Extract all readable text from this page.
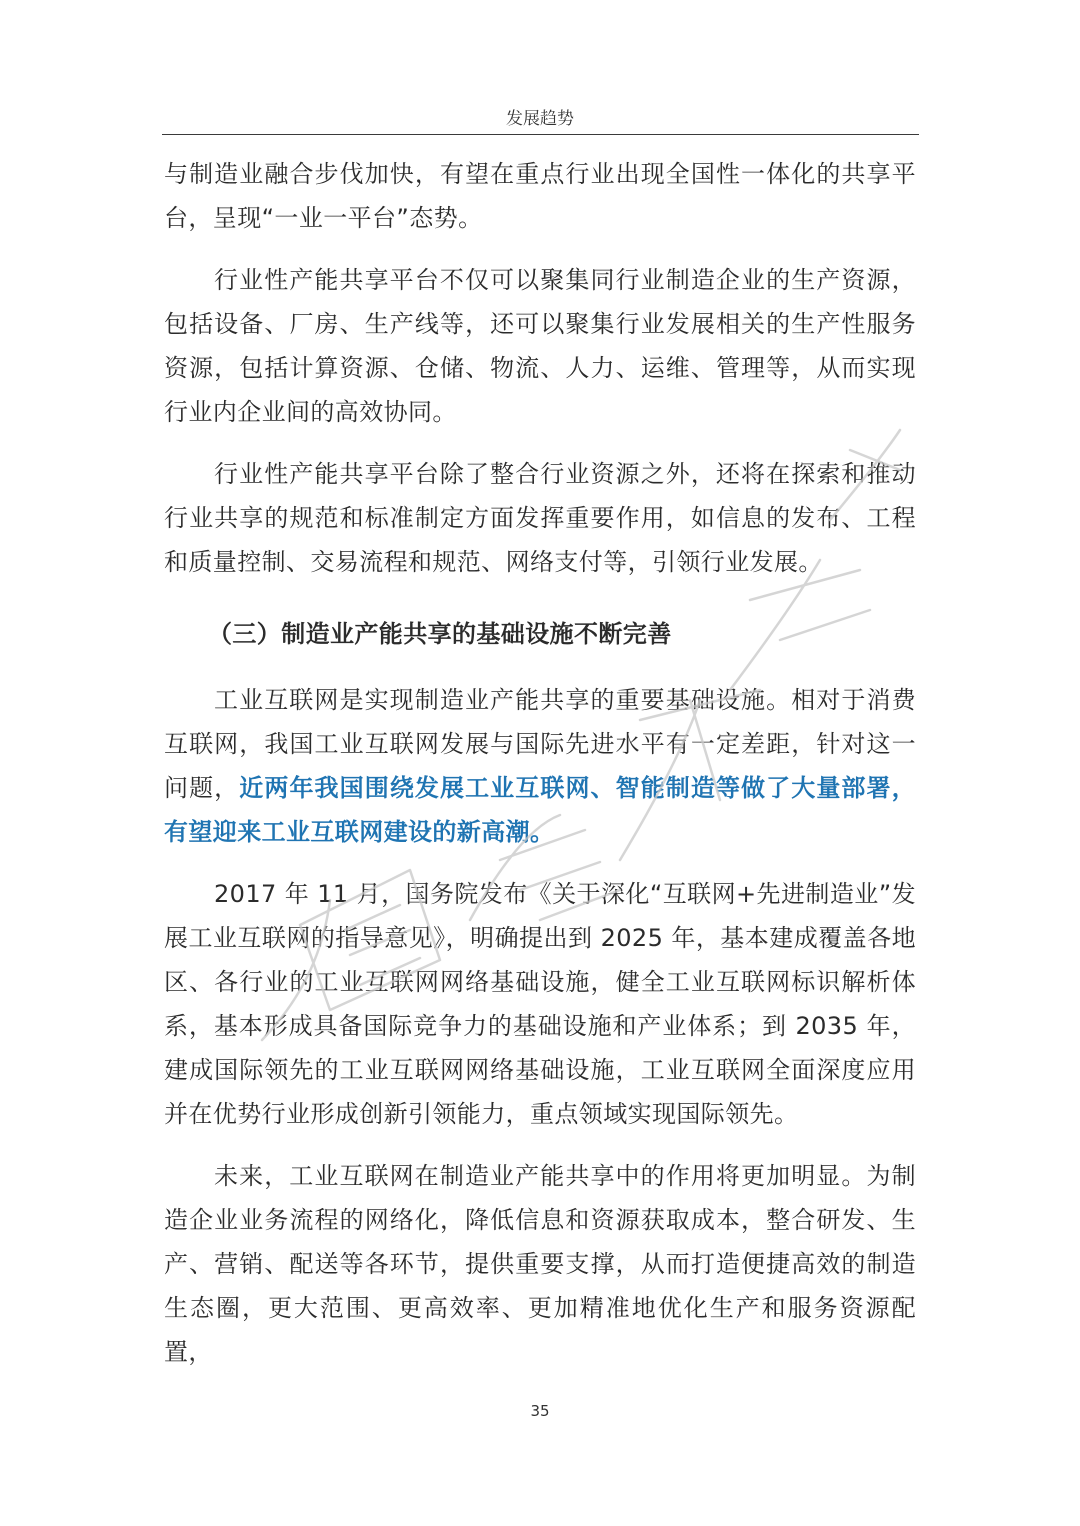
发展趋势

与制造业融合步伐加快，有望在重点行业出现全国性一体化的共享平台，呈现“一业一平台”态势。

行业性产能共享平台不仅可以聚集同行业制造企业的生产资源，包括设备、厂房、生产线等，还可以聚集行业发展相关的生产性服务资源，包括计算资源、仓储、物流、人力、运维、管理等，从而实现行业内企业间的高效协同。

行业性产能共享平台除了整合行业资源之外，还将在探索和推动行业共享的规范和标准制定方面发挥重要作用，如信息的发布、工程和质量控制、交易流程和规范、网络支付等，引领行业发展。

（三）制造业产能共享的基础设施不断完善

工业互联网是实现制造业产能共享的重要基础设施。相对于消费互联网，我国工业互联网发展与国际先进水平有一定差距，针对这一问题，近两年我国围绕发展工业互联网、智能制造等做了大量部署，有望迎来工业互联网建设的新高潮。

2017 年 11 月，国务院发布《关于深化“互联网+先进制造业”发展工业互联网的指导意见》，明确提出到 2025 年，基本建成覆盖各地区、各行业的工业互联网网络基础设施，健全工业互联网标识解析体系，基本形成具备国际竞争力的基础设施和产业体系；到 2035 年，建成国际领先的工业互联网网络基础设施，工业互联网全面深度应用并在优势行业形成创新引领能力，重点领域实现国际领先。

未来，工业互联网在制造业产能共享中的作用将更加明显。为制造企业业务流程的网络化，降低信息和资源获取成本，整合研发、生产、营销、配送等各环节，提供重要支撑，从而打造便捷高效的制造生态圈，更大范围、更高效率、更加精准地优化生产和服务资源配置，

35
